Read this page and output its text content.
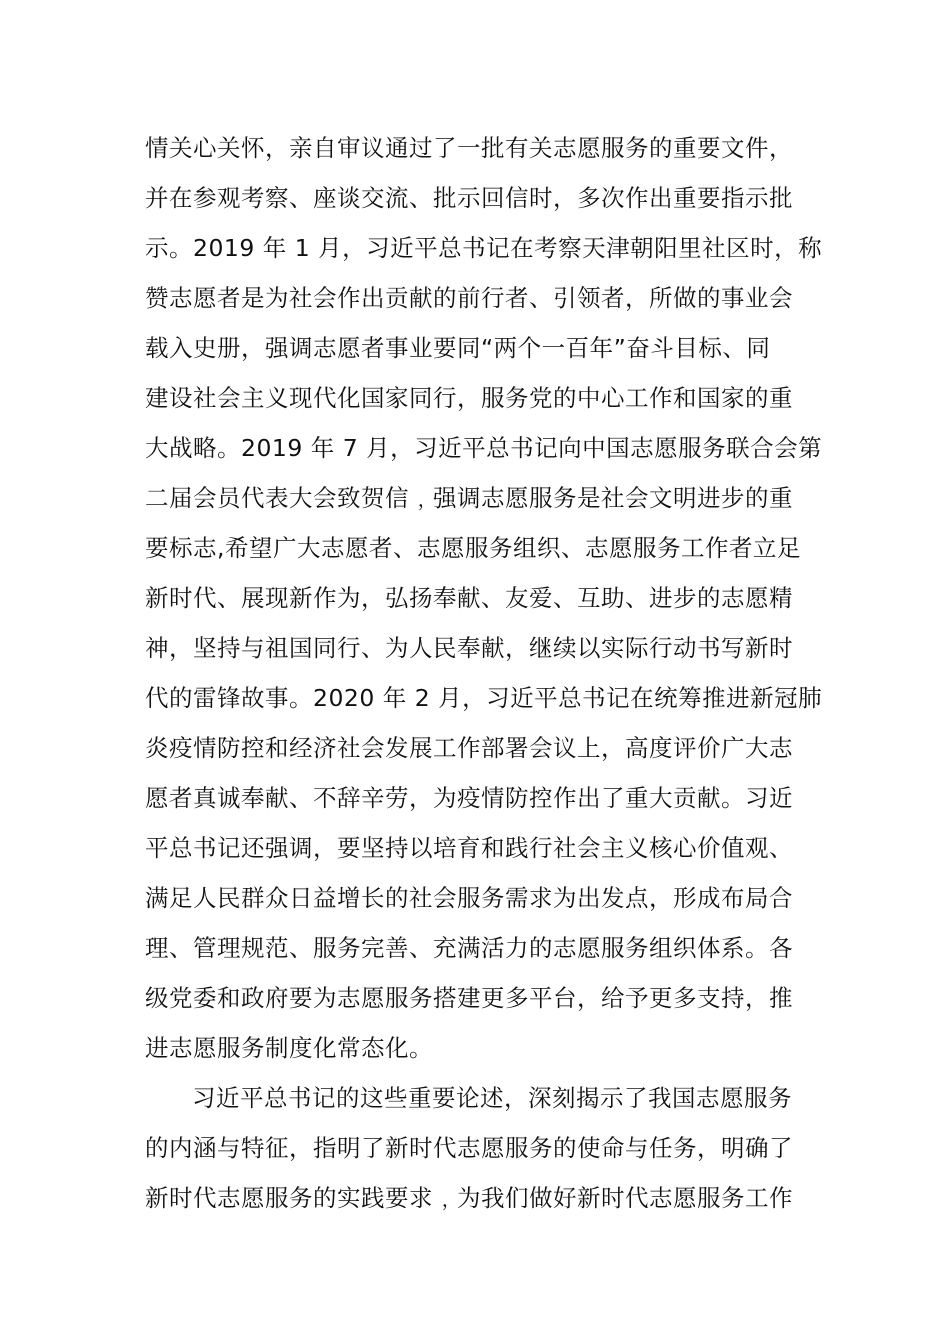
情关心关怀，亲自审议通过了一批有关志愿服务的重要文件，
并在参观考察、座谈交流、批示回信时，多次作出重要指示批
示。2019 年 1 月，习近平总书记在考察天津朝阳里社区时，称
赞志愿者是为社会作出贡献的前行者、引领者，所做的事业会
载入史册，强调志愿者事业要同“两个一百年”奋斗目标、同
建设社会主义现代化国家同行，服务党的中心工作和国家的重
大战略。2019 年 7 月，习近平总书记向中国志愿服务联合会第
二届会员代表大会致贺信﹐强调志愿服务是社会文明进步的重
要标志,希望广大志愿者、志愿服务组织、志愿服务工作者立足
新时代、展现新作为，弘扬奉献、友爱、互助、进步的志愿精
神，坚持与祖国同行、为人民奉献，继续以实际行动书写新时
代的雷锋故事。2020 年 2 月，习近平总书记在统筹推进新冠肺
炎疫情防控和经济社会发展工作部署会议上，高度评价广大志
愿者真诚奉献、不辞辛劳，为疫情防控作出了重大贡献。习近
平总书记还强调，要坚持以培育和践行社会主义核心价值观、
满足人民群众日益增长的社会服务需求为出发点，形成布局合
理、管理规范、服务完善、充满活力的志愿服务组织体系。各
级党委和政府要为志愿服务搭建更多平台，给予更多支持，推
进志愿服务制度化常态化。
习近平总书记的这些重要论述，深刻揭示了我国志愿服务
的内涵与特征，指明了新时代志愿服务的使命与任务，明确了
新时代志愿服务的实践要求﹐为我们做好新时代志愿服务工作
